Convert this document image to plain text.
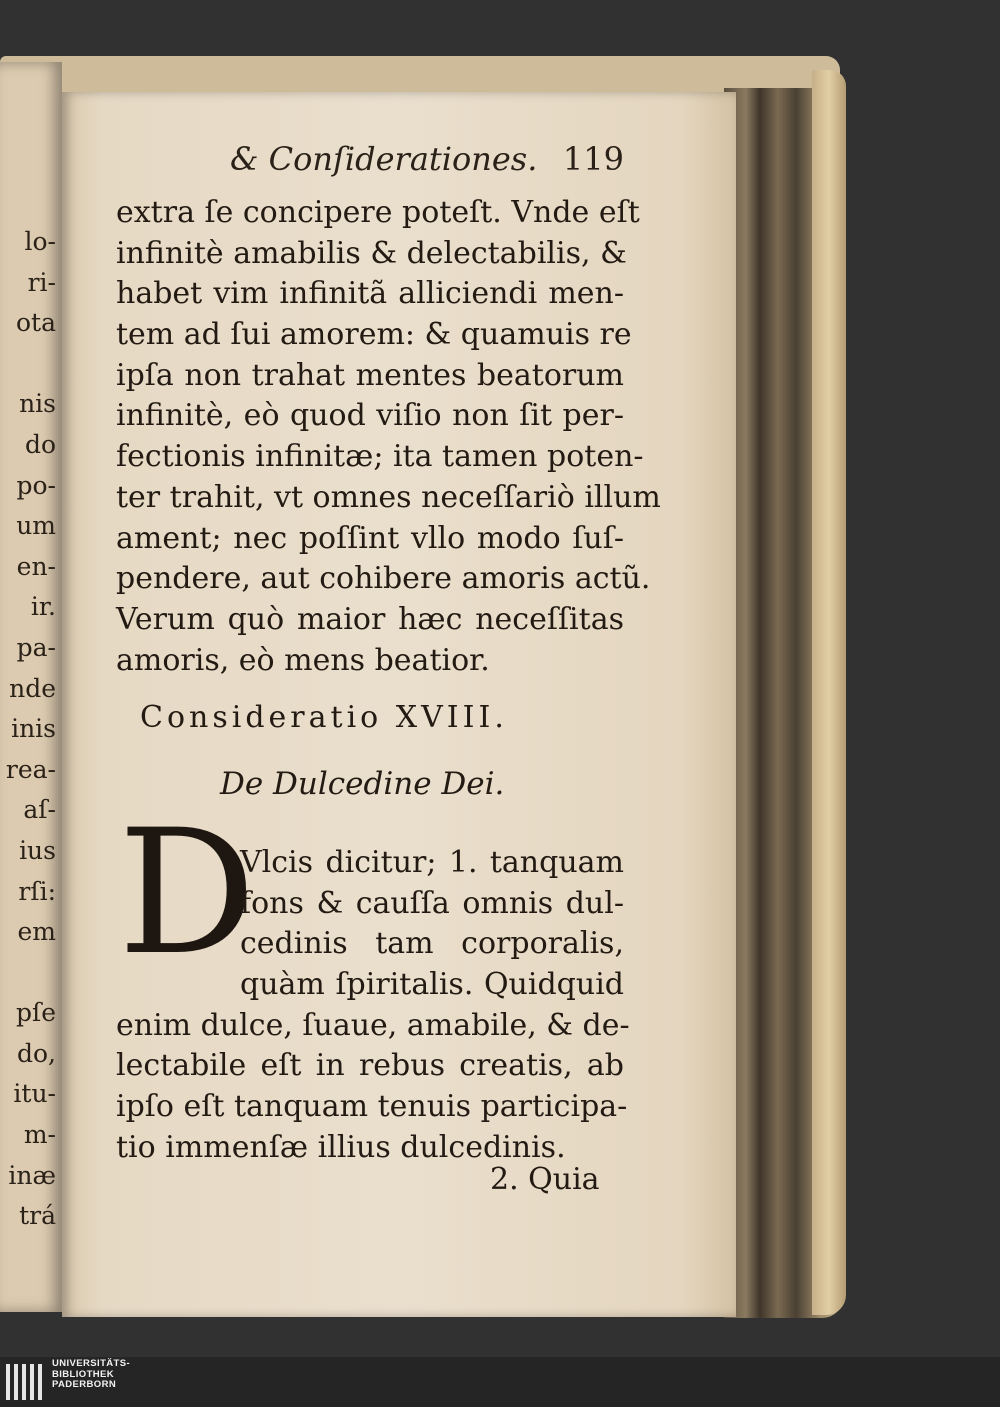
lo-
ri-
ota
nis
do
po-
um
en-
ir.
pa-
nde
inis
rea-
aſ-
ius
rſi:
em
pſe
do,
itu-
m-
inæ
trá
& Conſiderationes. 119
extra ſe concipere poteſt. Vnde eſt
infinitè amabilis & delectabilis, &
habet vim infinitã alliciendi men-
tem ad ſui amorem: & quamuis re
ipſa non trahat mentes beatorum
infinitè, eò quod viſio non ſit per-
fectionis infinitæ; ita tamen poten-
ter trahit, vt omnes neceſſariò illum
ament; nec poſſint vllo modo ſuſ-
pendere, aut cohibere amoris actũ.
Verum quò maior hæc neceſſitas
amoris, eò mens beatior.
Consideratio XVIII.
De Dulcedine Dei.
D
Vlcis dicitur; 1. tanquam
fons & cauſſa omnis dul-
cedinis tam corporalis,
quàm ſpiritalis. Quidquid
enim dulce, ſuaue, amabile, & de-
lectabile eſt in rebus creatis, ab
ipſo eſt tanquam tenuis participa-
tio immenſæ illius dulcedinis.
2. Quia
UNIVERSITÄTS-
BIBLIOTHEK
PADERBORN
